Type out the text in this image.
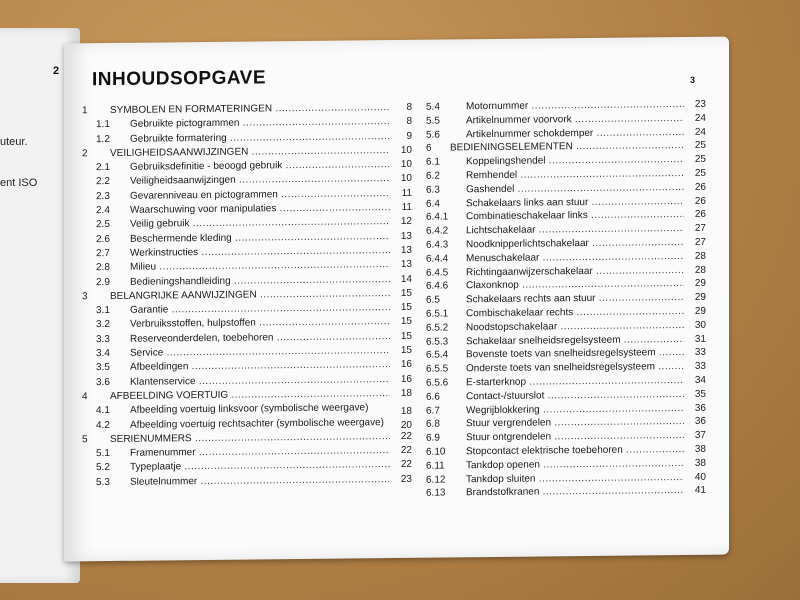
2
uteur.
ent ISO
INHOUDSOPGAVE	3
1	SYMBOLEN EN FORMATERINGEN .....	8
1.1	Gebruikte pictogrammen .....	8
1.2	Gebruikte formatering .....	9
2	VEILIGHEIDSAANWIJZINGEN .....	10
2.1	Gebruiksdefinitie - beoogd gebruik .....	10
2.2	Veiligheidsaanwijzingen .....	10
2.3	Gevarenniveau en pictogrammen .....	11
2.4	Waarschuwing voor manipulaties .....	11
2.5	Veilig gebruik .....	12
2.6	Beschermende kleding .....	13
2.7	Werkinstructies .....	13
2.8	Milieu .....	13
2.9	Bedieningshandleiding .....	14
3	BELANGRIJKE AANWIJZINGEN .....	15
3.1	Garantie .....	15
3.2	Verbruiksstoffen, hulpstoffen .....	15
3.3	Reserveonderdelen, toebehoren .....	15
3.4	Service .....	15
3.5	Afbeeldingen .....	16
3.6	Klantenservice .....	16
4	AFBEELDING VOERTUIG .....	18
4.1	Afbeelding voertuig linksvoor (symbolische weergave)	18
4.2	Afbeelding voertuig rechtsachter (symbolische weergave)	20
5	SERIENUMMERS .....	22
5.1	Framenummer .....	22
5.2	Typeplaatje .....	22
5.3	Sleutelnummer .....	23
5.4	Motornummer .....	23
5.5	Artikelnummer voorvork .....	24
5.6	Artikelnummer schokdemper .....	24
6	BEDIENINGSELEMENTEN .....	25
6.1	Koppelingshendel .....	25
6.2	Remhendel .....	25
6.3	Gashendel .....	26
6.4	Schakelaars links aan stuur .....	26
6.4.1	Combinatieschakelaar links .....	26
6.4.2	Lichtschakelaar .....	27
6.4.3	Noodknipperlichtschakelaar .....	27
6.4.4	Menuschakelaar .....	28
6.4.5	Richtingaanwijzerschakelaar .....	28
6.4.6	Claxonknop .....	29
6.5	Schakelaars rechts aan stuur .....	29
6.5.1	Combischakelaar rechts .....	29
6.5.2	Noodstopschakelaar .....	30
6.5.3	Schakelaar snelheidsregelsysteem .....	31
6.5.4	Bovenste toets van snelheidsregelsysteem .....	33
6.5.5	Onderste toets van snelheidsregelsysteem .....	33
6.5.6	E-starterknop .....	34
6.6	Contact-/stuurslot .....	35
6.7	Wegrijblokkering .....	36
6.8	Stuur vergrendelen .....	36
6.9	Stuur ontgrendelen .....	37
6.10	Stopcontact elektrische toebehoren .....	38
6.11	Tankdop openen .....	38
6.12	Tankdop sluiten .....	40
6.13	Brandstofkranen .....	41
